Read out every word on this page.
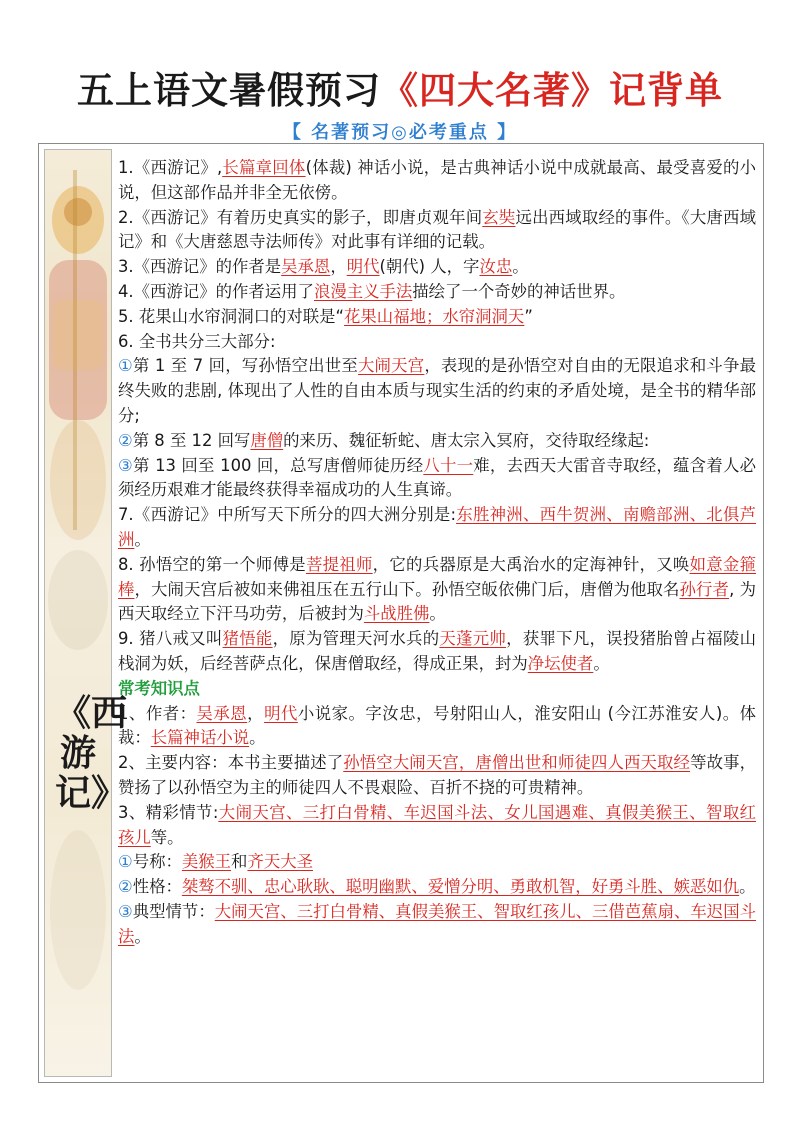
五上语文暑假预习《四大名著》记背单
【 名著预习◎必考重点 】
《西游记》

1.《西游记》,长篇章回体(体裁) 神话小说，是古典神话小说中成就最高、最受喜爱的小说，但这部作品并非全无依傍。

2.《西游记》有着历史真实的影子，即唐贞观年间玄奘远出西域取经的事件。《大唐西域记》和《大唐慈恩寺法师传》对此事有详细的记载。

3.《西游记》的作者是吴承恩，明代(朝代) 人，字汝忠。

4.《西游记》的作者运用了浪漫主义手法描绘了一个奇妙的神话世界。

5. 花果山水帘洞洞口的对联是“花果山福地；水帘洞洞天”

6. 全书共分三大部分:

①第 1 至 7 回，写孙悟空出世至大闹天宫，表现的是孙悟空对自由的无限追求和斗争最终失败的悲剧, 体现出了人性的自由本质与现实生活的约束的矛盾处境，是全书的精华部分;

②第 8 至 12 回写唐僧的来历、魏征斩蛇、唐太宗入冥府，交待取经缘起:

③第 13 回至 100 回，总写唐僧师徒历经八十一难，去西天大雷音寺取经，蕴含着人必须经历艰难才能最终获得幸福成功的人生真谛。

7.《西游记》中所写天下所分的四大洲分别是:东胜神洲、西牛贺洲、南赡部洲、北俱芦洲。

8. 孙悟空的第一个师傅是菩提祖师，它的兵器原是大禹治水的定海神针，又唤如意金箍棒，大闹天宫后被如来佛祖压在五行山下。孙悟空皈依佛门后，唐僧为他取名孙行者, 为西天取经立下汗马功劳，后被封为斗战胜佛。

9. 猪八戒又叫猪悟能，原为管理天河水兵的天蓬元帅，获罪下凡，误投猪胎曾占福陵山栈洞为妖，后经菩萨点化，保唐僧取经，得成正果，封为净坛使者。

常考知识点

1、作者：吴承恩，明代小说家。字汝忠，号射阳山人，淮安阳山 (今江苏淮安人)。体裁：长篇神话小说。

2、主要内容：本书主要描述了孙悟空大闹天宫，唐僧出世和师徒四人西天取经等故事，赞扬了以孙悟空为主的师徒四人不畏艰险、百折不挠的可贵精神。

3、精彩情节:大闹天宫、三打白骨精、车迟国斗法、女儿国遇难、真假美猴王、智取红孩儿等。

①号称：美猴王和齐天大圣

②性格：桀骜不驯、忠心耿耿、聪明幽默、爱憎分明、勇敢机智，好勇斗胜、嫉恶如仇。

③典型情节：大闹天宫、三打白骨精、真假美猴王、智取红孩儿、三借芭蕉扇、车迟国斗法。
